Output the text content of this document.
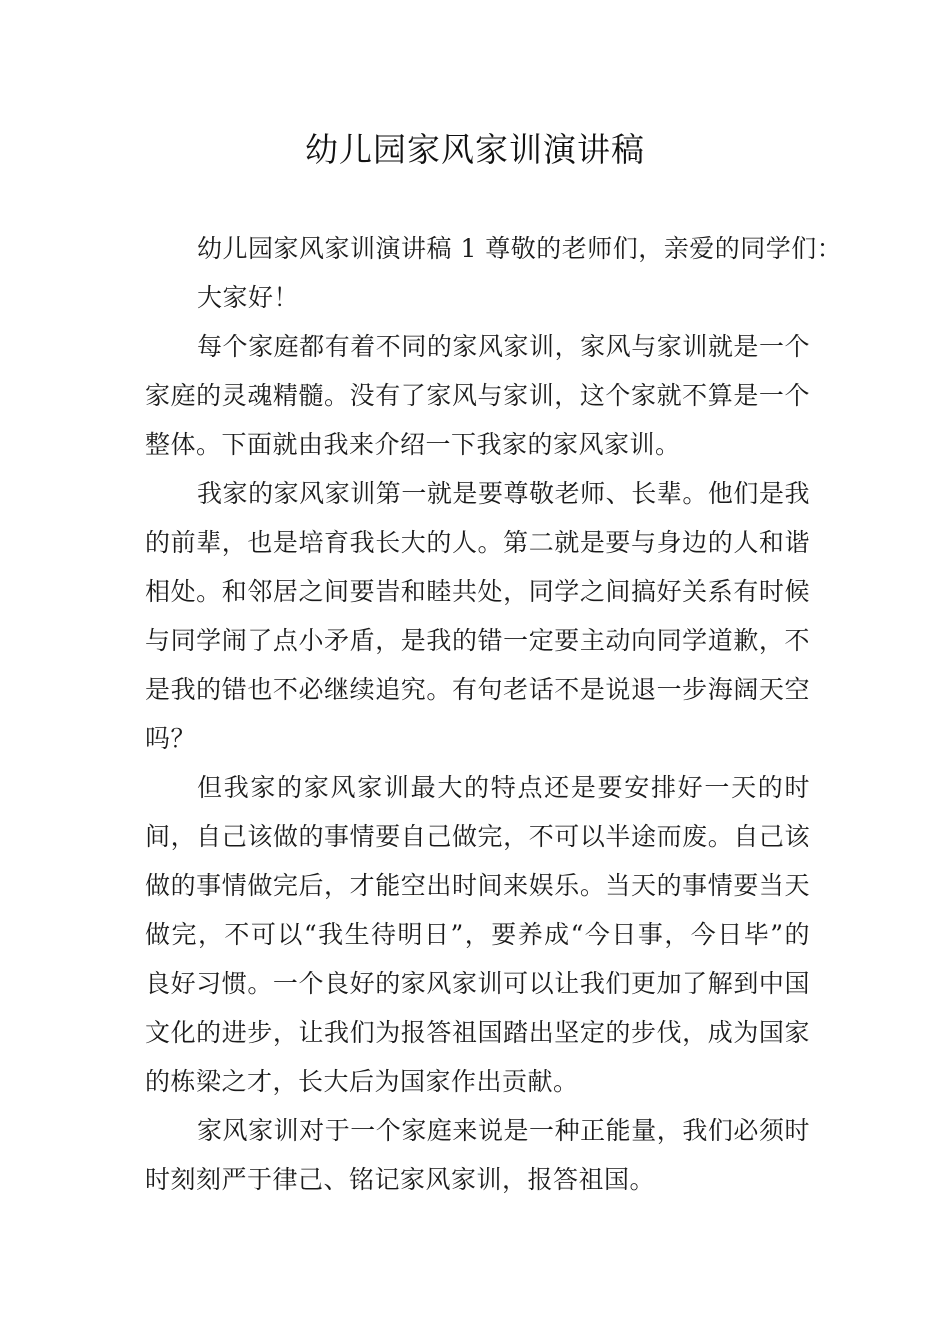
幼儿园家风家训演讲稿

幼儿园家风家训演讲稿 1 尊敬的老师们，亲爱的同学们：

大家好！

每个家庭都有着不同的家风家训，家风与家训就是一个家庭的灵魂精髓。没有了家风与家训，这个家就不算是一个整体。下面就由我来介绍一下我家的家风家训。

我家的家风家训第一就是要尊敬老师、长辈。他们是我的前辈，也是培育我长大的人。第二就是要与身边的人和谐相处。和邻居之间要旹和睦共处，同学之间搞好关系有时候与同学闹了点小矛盾，是我的错一定要主动向同学道歉，不是我的错也不必继续追究。有句老话不是说退一步海阔天空吗？

但我家的家风家训最大的特点还是要安排好一天的时间，自己该做的事情要自己做完，不可以半途而废。自己该做的事情做完后，才能空出时间来娱乐。当天的事情要当天做完，不可以“我生待明日”，要养成“今日事，今日毕”的良好习惯。一个良好的家风家训可以让我们更加了解到中国文化的进步，让我们为报答祖国踏出坚定的步伐，成为国家的栋梁之才，长大后为国家作出贡献。

家风家训对于一个家庭来说是一种正能量，我们必须时时刻刻严于律己、铭记家风家训，报答祖国。
